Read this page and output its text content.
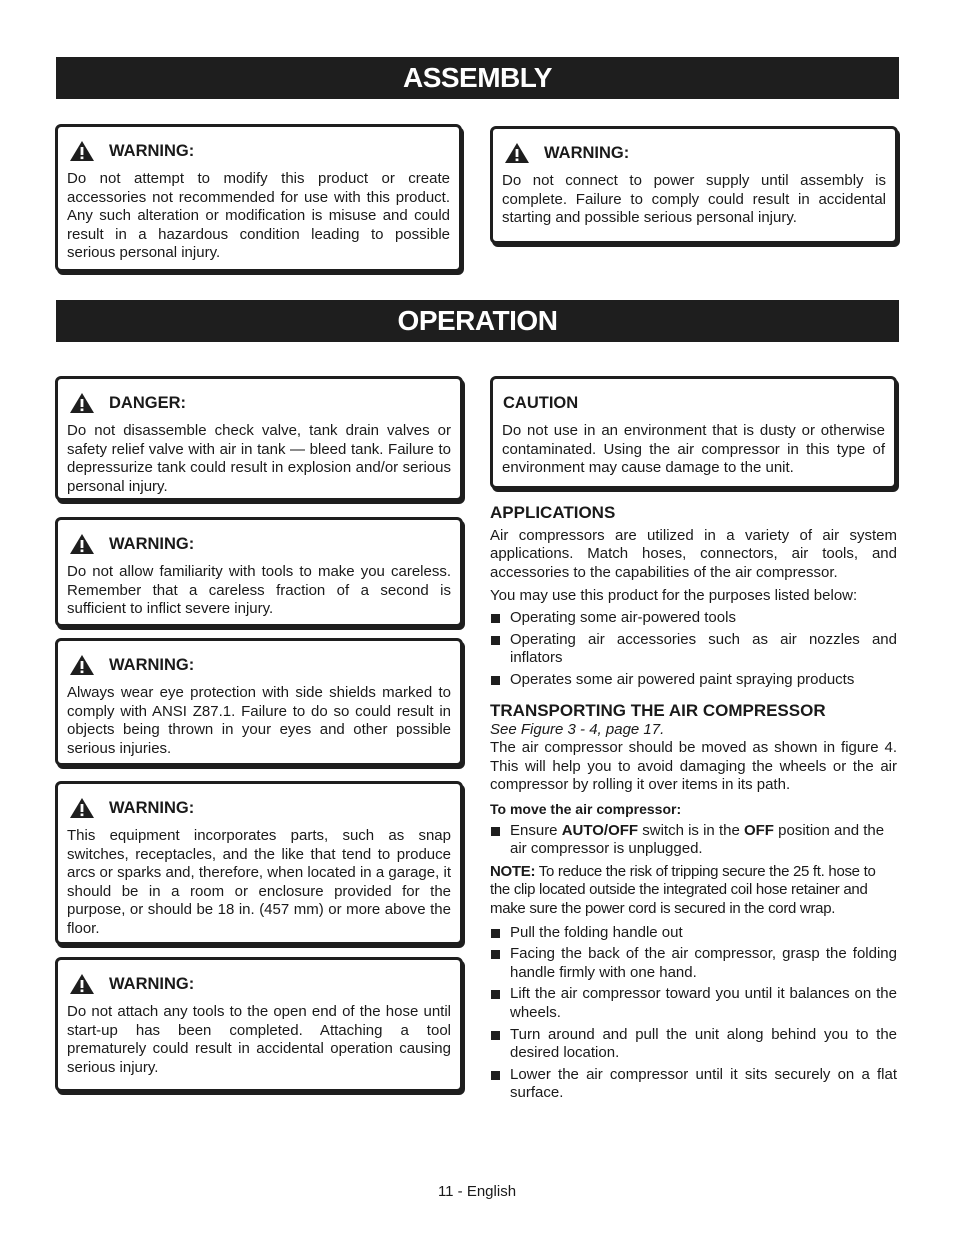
ASSEMBLY
WARNING:
Do not attempt to modify this product or create accessories not recommended for use with this product. Any such alteration or modification is misuse and could result in a hazardous condition leading to possible serious personal injury.
WARNING:
Do not connect to power supply until assembly is complete. Failure to comply could result in accidental starting and possible serious personal injury.
OPERATION
DANGER:
Do not disassemble check valve, tank drain valves or safety relief valve with air in tank — bleed tank. Failure to depressurize tank could result in explosion and/or serious personal injury.
WARNING:
Do not allow familiarity with tools to make you careless. Remember that a careless fraction of a second is sufficient to inflict severe injury.
WARNING:
Always wear eye protection with side shields marked to comply with ANSI Z87.1. Failure to do so could result in objects being thrown in your eyes and other possible serious injuries.
WARNING:
This equipment incorporates parts, such as snap switches, receptacles, and the like that tend to produce arcs or sparks and, therefore, when located in a garage, it should be in a room or enclosure provided for the purpose, or should be 18 in. (457 mm) or more above the floor.
WARNING:
Do not attach any tools to the open end of the hose until start-up has been completed. Attaching a tool prematurely could result in accidental operation causing serious injury.
CAUTION
Do not use in an environment that is dusty or otherwise contaminated. Using the air compressor in this type of environment may cause damage to the unit.
APPLICATIONS

Air compressors are utilized in a variety of air system applications. Match hoses, connectors, air tools, and accessories to the capabilities of the air compressor.

You may use this product for the purposes listed below:

Operating some air-powered tools
Operating air accessories such as air nozzles and inflators
Operates some air powered paint spraying products
TRANSPORTING THE AIR COMPRESSOR

See Figure 3 - 4, page 17.

The air compressor should be moved as shown in figure 4. This will help you to avoid damaging the wheels or the air compressor by rolling it over items in its path.

To move the air compressor:

Ensure AUTO/OFF switch is in the OFF position and the air compressor is unplugged.

NOTE: To reduce the risk of tripping secure the 25 ft. hose to the clip located outside the integrated coil hose retainer and make sure the power cord is secured in the cord wrap.

Pull the folding handle out
Facing the back of the air compressor, grasp the folding handle firmly with one hand.
Lift the air compressor toward you until it balances on the wheels.
Turn around and pull the unit along behind you to the desired location.
Lower the air compressor until it sits securely on a flat surface.
11 - English
